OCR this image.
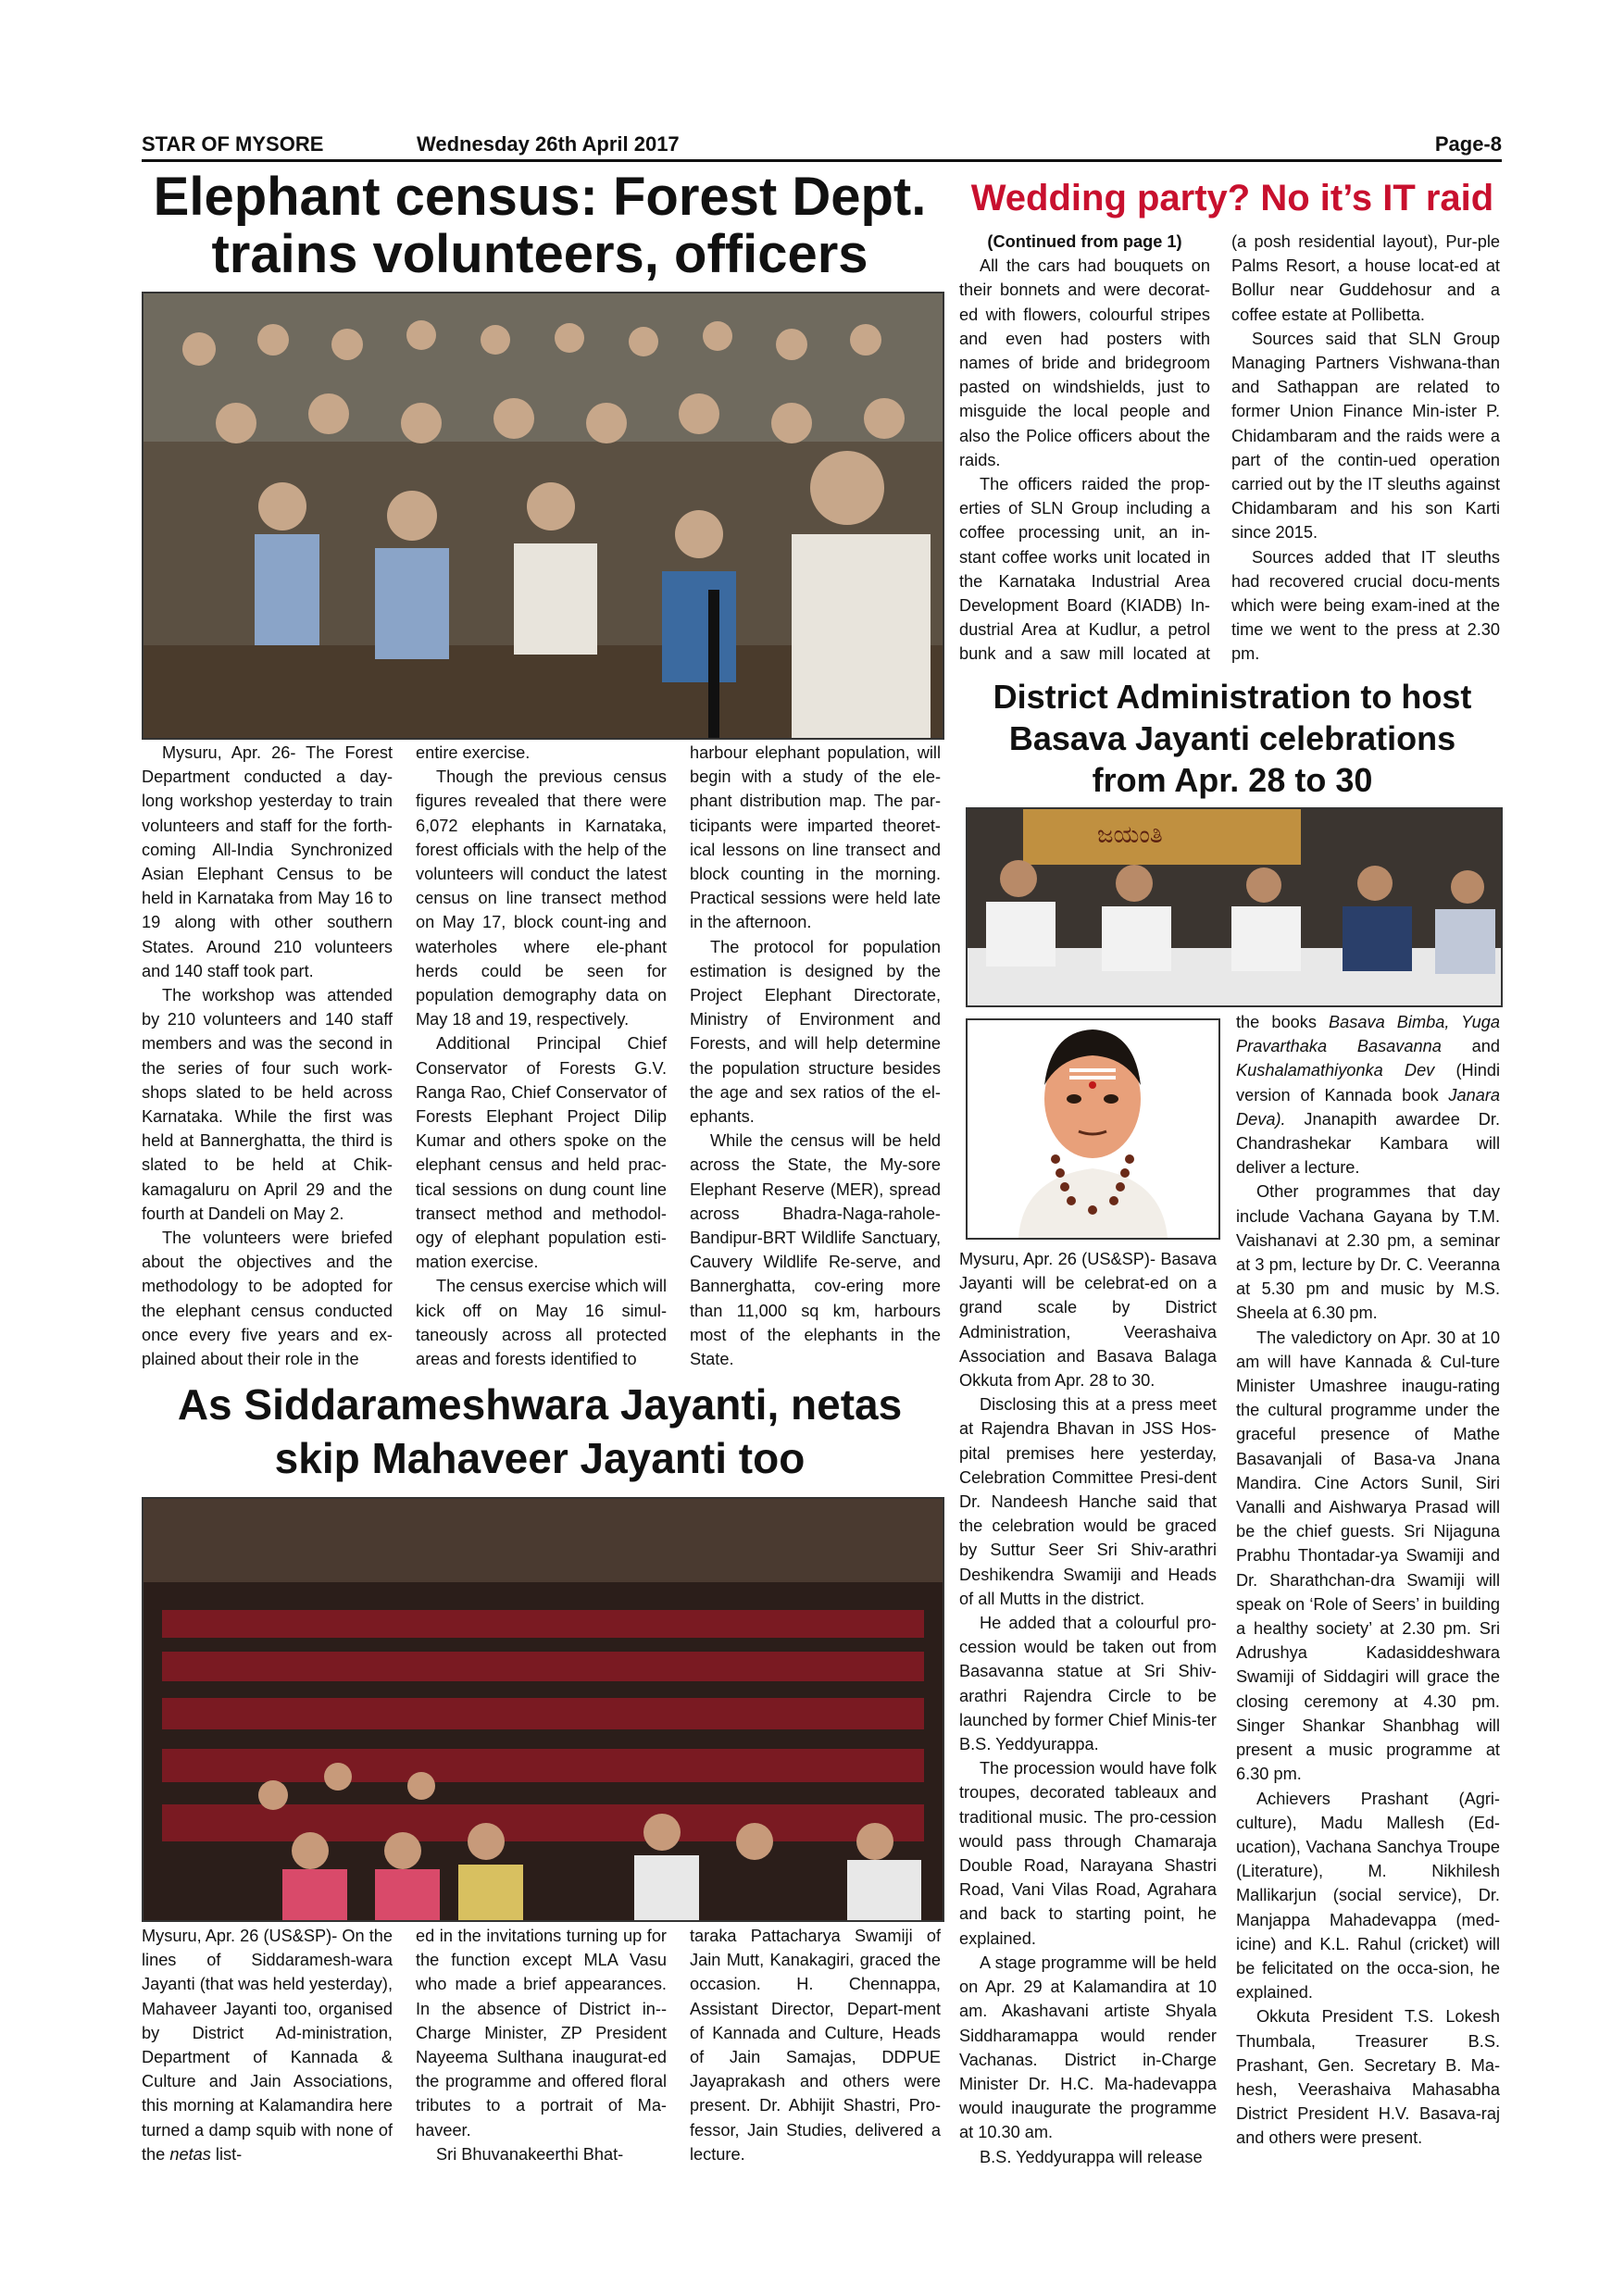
STAR OF MYSORE	Wednesday 26th April 2017	Page-8
Elephant census: Forest Dept.
trains volunteers, officers

Mysuru, Apr. 26- The Forest Department conducted a day-long workshop yesterday to train volunteers and staff for the forth-coming All-India Synchronized Asian Elephant Census to be held in Karnataka from May 16 to 19 along with other southern States. Around 210 volunteers and 140 staff took part.

The workshop was attended by 210 volunteers and 140 staff members and was the second in the series of four such work-shops slated to be held across Karnataka. While the first was held at Bannerghatta, the third is slated to be held at Chik-kamagaluru on April 29 and the fourth at Dandeli on May 2.

The volunteers were briefed about the objectives and the methodology to be adopted for the elephant census conducted once every five years and ex-plained about their role in the

entire exercise.

Though the previous census figures revealed that there were 6,072 elephants in Karnataka, forest officials with the help of the volunteers will conduct the latest census on line transect method on May 17, block count-ing and waterholes where ele-phant herds could be seen for population demography data on May 18 and 19, respectively.

Additional Principal Chief Conservator of Forests G.V. Ranga Rao, Chief Conservator of Forests Elephant Project Dilip Kumar and others spoke on the elephant census and held prac-tical sessions on dung count line transect method and methodol-ogy of elephant population esti-mation exercise.

The census exercise which will kick off on May 16 simul-taneously across all protected areas and forests identified to

harbour elephant population, will begin with a study of the ele-phant distribution map. The par-ticipants were imparted theoret-ical lessons on line transect and block counting in the morning. Practical sessions were held late in the afternoon.

The protocol for population estimation is designed by the Project Elephant Directorate, Ministry of Environment and Forests, and will help determine the population structure besides the age and sex ratios of the el-ephants.

While the census will be held across the State, the My-sore Elephant Reserve (MER), spread across Bhadra-Naga-rahole-Bandipur-BRT Wildlife Sanctuary, Cauvery Wildlife Re-serve, and Bannerghatta, cov-ering more than 11,000 sq km, harbours most of the elephants in the State.

As Siddarameshwara Jayanti, netas
skip Mahaveer Jayanti too

Mysuru, Apr. 26 (US&SP)- On the lines of Siddaramesh-wara Jayanti (that was held yesterday), Mahaveer Jayanti too, organised by District Ad-ministration, Department of Kannada & Culture and Jain Associations, this morning at Kalamandira here turned a damp squib with none of the netas list-

ed in the invitations turning up for the function except MLA Vasu who made a brief appearances. In the absence of District in--Charge Minister, ZP President Nayeema Sulthana inaugurat-ed the programme and offered floral tributes to a portrait of Ma-haveer.

Sri Bhuvanakeerthi Bhat-

taraka Pattacharya Swamiji of Jain Mutt, Kanakagiri, graced the occasion. H. Chennappa, Assistant Director, Depart-ment of Kannada and Culture, Heads of Jain Samajas, DDPUE Jayaprakash and others were present. Dr. Abhijit Shastri, Pro-fessor, Jain Studies, delivered a lecture.

Wedding party? No it’s IT raid

(Continued from page 1)

All the cars had bouquets on their bonnets and were decorat-ed with flowers, colourful stripes and even had posters with names of bride and bridegroom pasted on windshields, just to misguide the local people and also the Police officers about the raids.

The officers raided the prop-erties of SLN Group including a coffee processing unit, an in-stant coffee works unit located in the Karnataka Industrial Area Development Board (KIADB) In-dustrial Area at Kudlur, a petrol bunk and a saw mill located at

(a posh residential layout), Pur-ple Palms Resort, a house locat-ed at Bollur near Guddehosur and a coffee estate at Pollibetta.

Sources said that SLN Group Managing Partners Vishwana-than and Sathappan are related to former Union Finance Min-ister P. Chidambaram and the raids were a part of the contin-ued operation carried out by the IT sleuths against Chidambaram and his son Karti since 2015.

Sources added that IT sleuths had recovered crucial docu-ments which were being exam-ined at the time we went to the press at 2.30 pm.

District Administration to host
Basava Jayanti celebrations
from Apr. 28 to 30
ಜಯಂತಿ

Mysuru, Apr. 26 (US&SP)- Basava Jayanti will be celebrat-ed on a grand scale by District Administration, Veerashaiva Association and Basava Balaga Okkuta from Apr. 28 to 30.

Disclosing this at a press meet at Rajendra Bhavan in JSS Hos-pital premises here yesterday, Celebration Committee Presi-dent Dr. Nandeesh Hanche said that the celebration would be graced by Suttur Seer Sri Shiv-arathri Deshikendra Swamiji and Heads of all Mutts in the district.

He added that a colourful pro-cession would be taken out from Basavanna statue at Sri Shiv-arathri Rajendra Circle to be launched by former Chief Minis-ter B.S. Yeddyurappa.

The procession would have folk troupes, decorated tableaux and traditional music. The pro-cession would pass through Chamaraja Double Road, Narayana Shastri Road, Vani Vilas Road, Agrahara and back to starting point, he explained.

A stage programme will be held on Apr. 29 at Kalamandira at 10 am. Akashavani artiste Shyala Siddharamappa would render Vachanas. District in-Charge Minister Dr. H.C. Ma-hadevappa would inaugurate the programme at 10.30 am.

B.S. Yeddyurappa will release

the books Basava Bimba, Yuga Pravarthaka Basavanna and Kushalamathiyonka Dev (Hindi version of Kannada book Janara Deva). Jnanapith awardee Dr. Chandrashekar Kambara will deliver a lecture.

Other programmes that day include Vachana Gayana by T.M. Vaishanavi at 2.30 pm, a seminar at 3 pm, lecture by Dr. C. Veeranna at 5.30 pm and music by M.S. Sheela at 6.30 pm.

The valedictory on Apr. 30 at 10 am will have Kannada & Cul-ture Minister Umashree inaugu-rating the cultural programme under the graceful presence of Mathe Basavanjali of Basa-va Jnana Mandira. Cine Actors Sunil, Siri Vanalli and Aishwarya Prasad will be the chief guests. Sri Nijaguna Prabhu Thontadar-ya Swamiji and Dr. Sharathchan-dra Swamiji will speak on ‘Role of Seers’ in building a healthy society’ at 2.30 pm. Sri Adrushya Kadasiddeshwara Swamiji of Siddagiri will grace the closing ceremony at 4.30 pm. Singer Shankar Shanbhag will present a music programme at 6.30 pm.

Achievers Prashant (Agri-culture), Madu Mallesh (Ed-ucation), Vachana Sanchya Troupe (Literature), M. Nikhilesh Mallikarjun (social service), Dr. Manjappa Mahadevappa (med-icine) and K.L. Rahul (cricket) will be felicitated on the occa-sion, he explained.

Okkuta President T.S. Lokesh Thumbala, Treasurer B.S. Prashant, Gen. Secretary B. Ma-hesh, Veerashaiva Mahasabha District President H.V. Basava-raj and others were present.
